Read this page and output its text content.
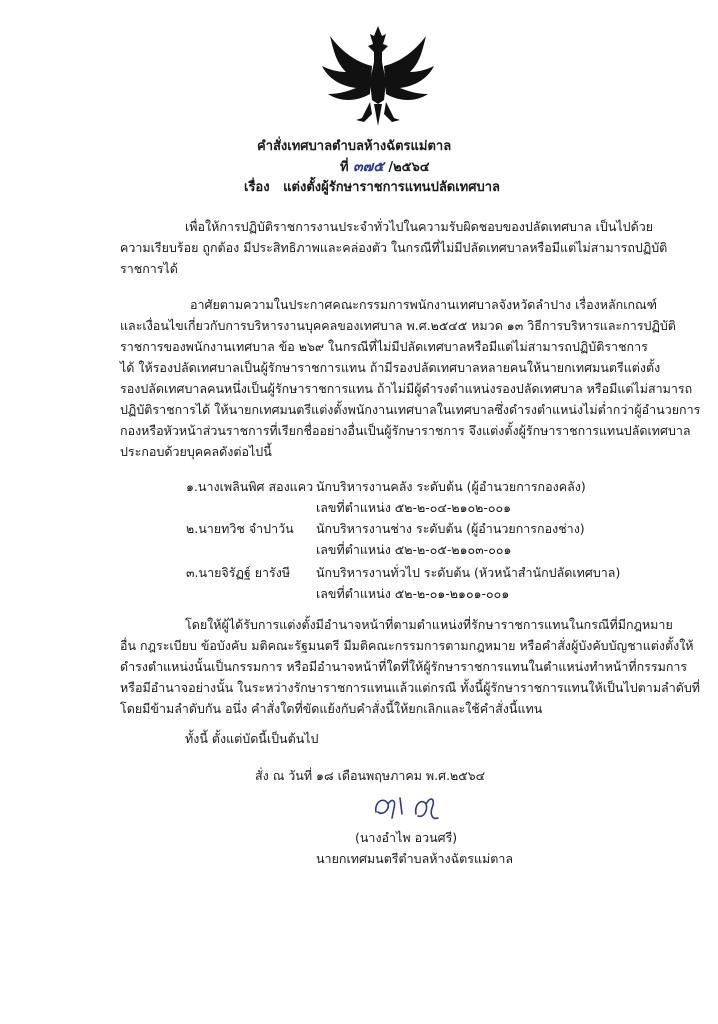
คำสั่งเทศบาลตำบลห้างฉัตรแม่ตาล
ที่ ๓๗๕ /๒๕๖๔
เรื่อง แต่งตั้งผู้รักษาราชการแทนปลัดเทศบาล
เพื่อให้การปฏิบัติราชการงานประจำทั่วไปในความรับผิดชอบของปลัดเทศบาล เป็นไปด้วย
ความเรียบร้อย ถูกต้อง มีประสิทธิภาพและคล่องตัว ในกรณีที่ไม่มีปลัดเทศบาลหรือมีแต่ไม่สามารถปฏิบัติ
ราชการได้
อาศัยตามความในประกาศคณะกรรมการพนักงานเทศบาลจังหวัดลำปาง เรื่องหลักเกณฑ์
และเงื่อนไขเกี่ยวกับการบริหารงานบุคคลของเทศบาล พ.ศ.๒๕๔๕ หมวด ๑๓ วิธีการบริหารและการปฏิบัติ
ราชการของพนักงานเทศบาล ข้อ ๒๖๙ ในกรณีที่ไม่มีปลัดเทศบาลหรือมีแต่ไม่สามารถปฏิบัติราชการ
ได้ ให้รองปลัดเทศบาลเป็นผู้รักษาราชการแทน ถ้ามีรองปลัดเทศบาลหลายคนให้นายกเทศมนตรีแต่งตั้ง
รองปลัดเทศบาลคนหนึ่งเป็นผู้รักษาราชการแทน ถ้าไม่มีผู้ดำรงตำแหน่งรองปลัดเทศบาล หรือมีแต่ไม่สามารถ
ปฏิบัติราชการได้ ให้นายกเทศมนตรีแต่งตั้งพนักงานเทศบาลในเทศบาลซึ่งดำรงตำแหน่งไม่ต่ำกว่าผู้อำนวยการ
กองหรือหัวหน้าส่วนราชการที่เรียกชื่ออย่างอื่นเป็นผู้รักษาราชการ จึงแต่งตั้งผู้รักษาราชการแทนปลัดเทศบาล
ประกอบด้วยบุคคลดังต่อไปนี้
๑.นางเพลินพิศ สองแคว นักบริหารงานคลัง ระดับต้น (ผู้อำนวยการกองคลัง)
เลขที่ตำแหน่ง ๕๒-๒-๐๔-๒๑๐๒-๐๐๑
๒.นายทวิช จำปาวัน นักบริหารงานช่าง ระดับต้น (ผู้อำนวยการกองช่าง)
เลขที่ตำแหน่ง ๕๒-๒-๐๕-๒๑๐๓-๐๐๑
๓.นายจิรัฏฐ์ ยารังษี นักบริหารงานทั่วไป ระดับต้น (หัวหน้าสำนักปลัดเทศบาล)
เลขที่ตำแหน่ง ๕๒-๒-๐๑-๒๑๐๑-๐๐๑
โดยให้ผู้ได้รับการแต่งตั้งมีอำนาจหน้าที่ตามตำแหน่งที่รักษาราชการแทนในกรณีที่มีกฎหมาย
อื่น กฎระเบียบ ข้อบังคับ มติคณะรัฐมนตรี มีมติคณะกรรมการตามกฎหมาย หรือคำสั่งผู้บังคับบัญชาแต่งตั้งให้
ดำรงตำแหน่งนั้นเป็นกรรมการ หรือมีอำนาจหน้าที่ใดที่ให้ผู้รักษาราชการแทนในตำแหน่งทำหน้าที่กรรมการ
หรือมีอำนาจอย่างนั้น ในระหว่างรักษาราชการแทนแล้วแต่กรณี ทั้งนี้ผู้รักษาราชการแทนให้เป็นไปตามลำดับที่
โดยมีข้ามลำดับกัน อนึ่ง คำสั่งใดที่ขัดแย้งกับคำสั่งนี้ให้ยกเลิกและใช้คำสั่งนี้แทน
ทั้งนี้ ตั้งแต่บัดนี้เป็นต้นไป
สั่ง ณ วันที่ ๑๘ เดือนพฤษภาคม พ.ศ.๒๕๖๔
(นางอำไพ อวนศรี)
นายกเทศมนตรีตำบลห้างฉัตรแม่ตาล
